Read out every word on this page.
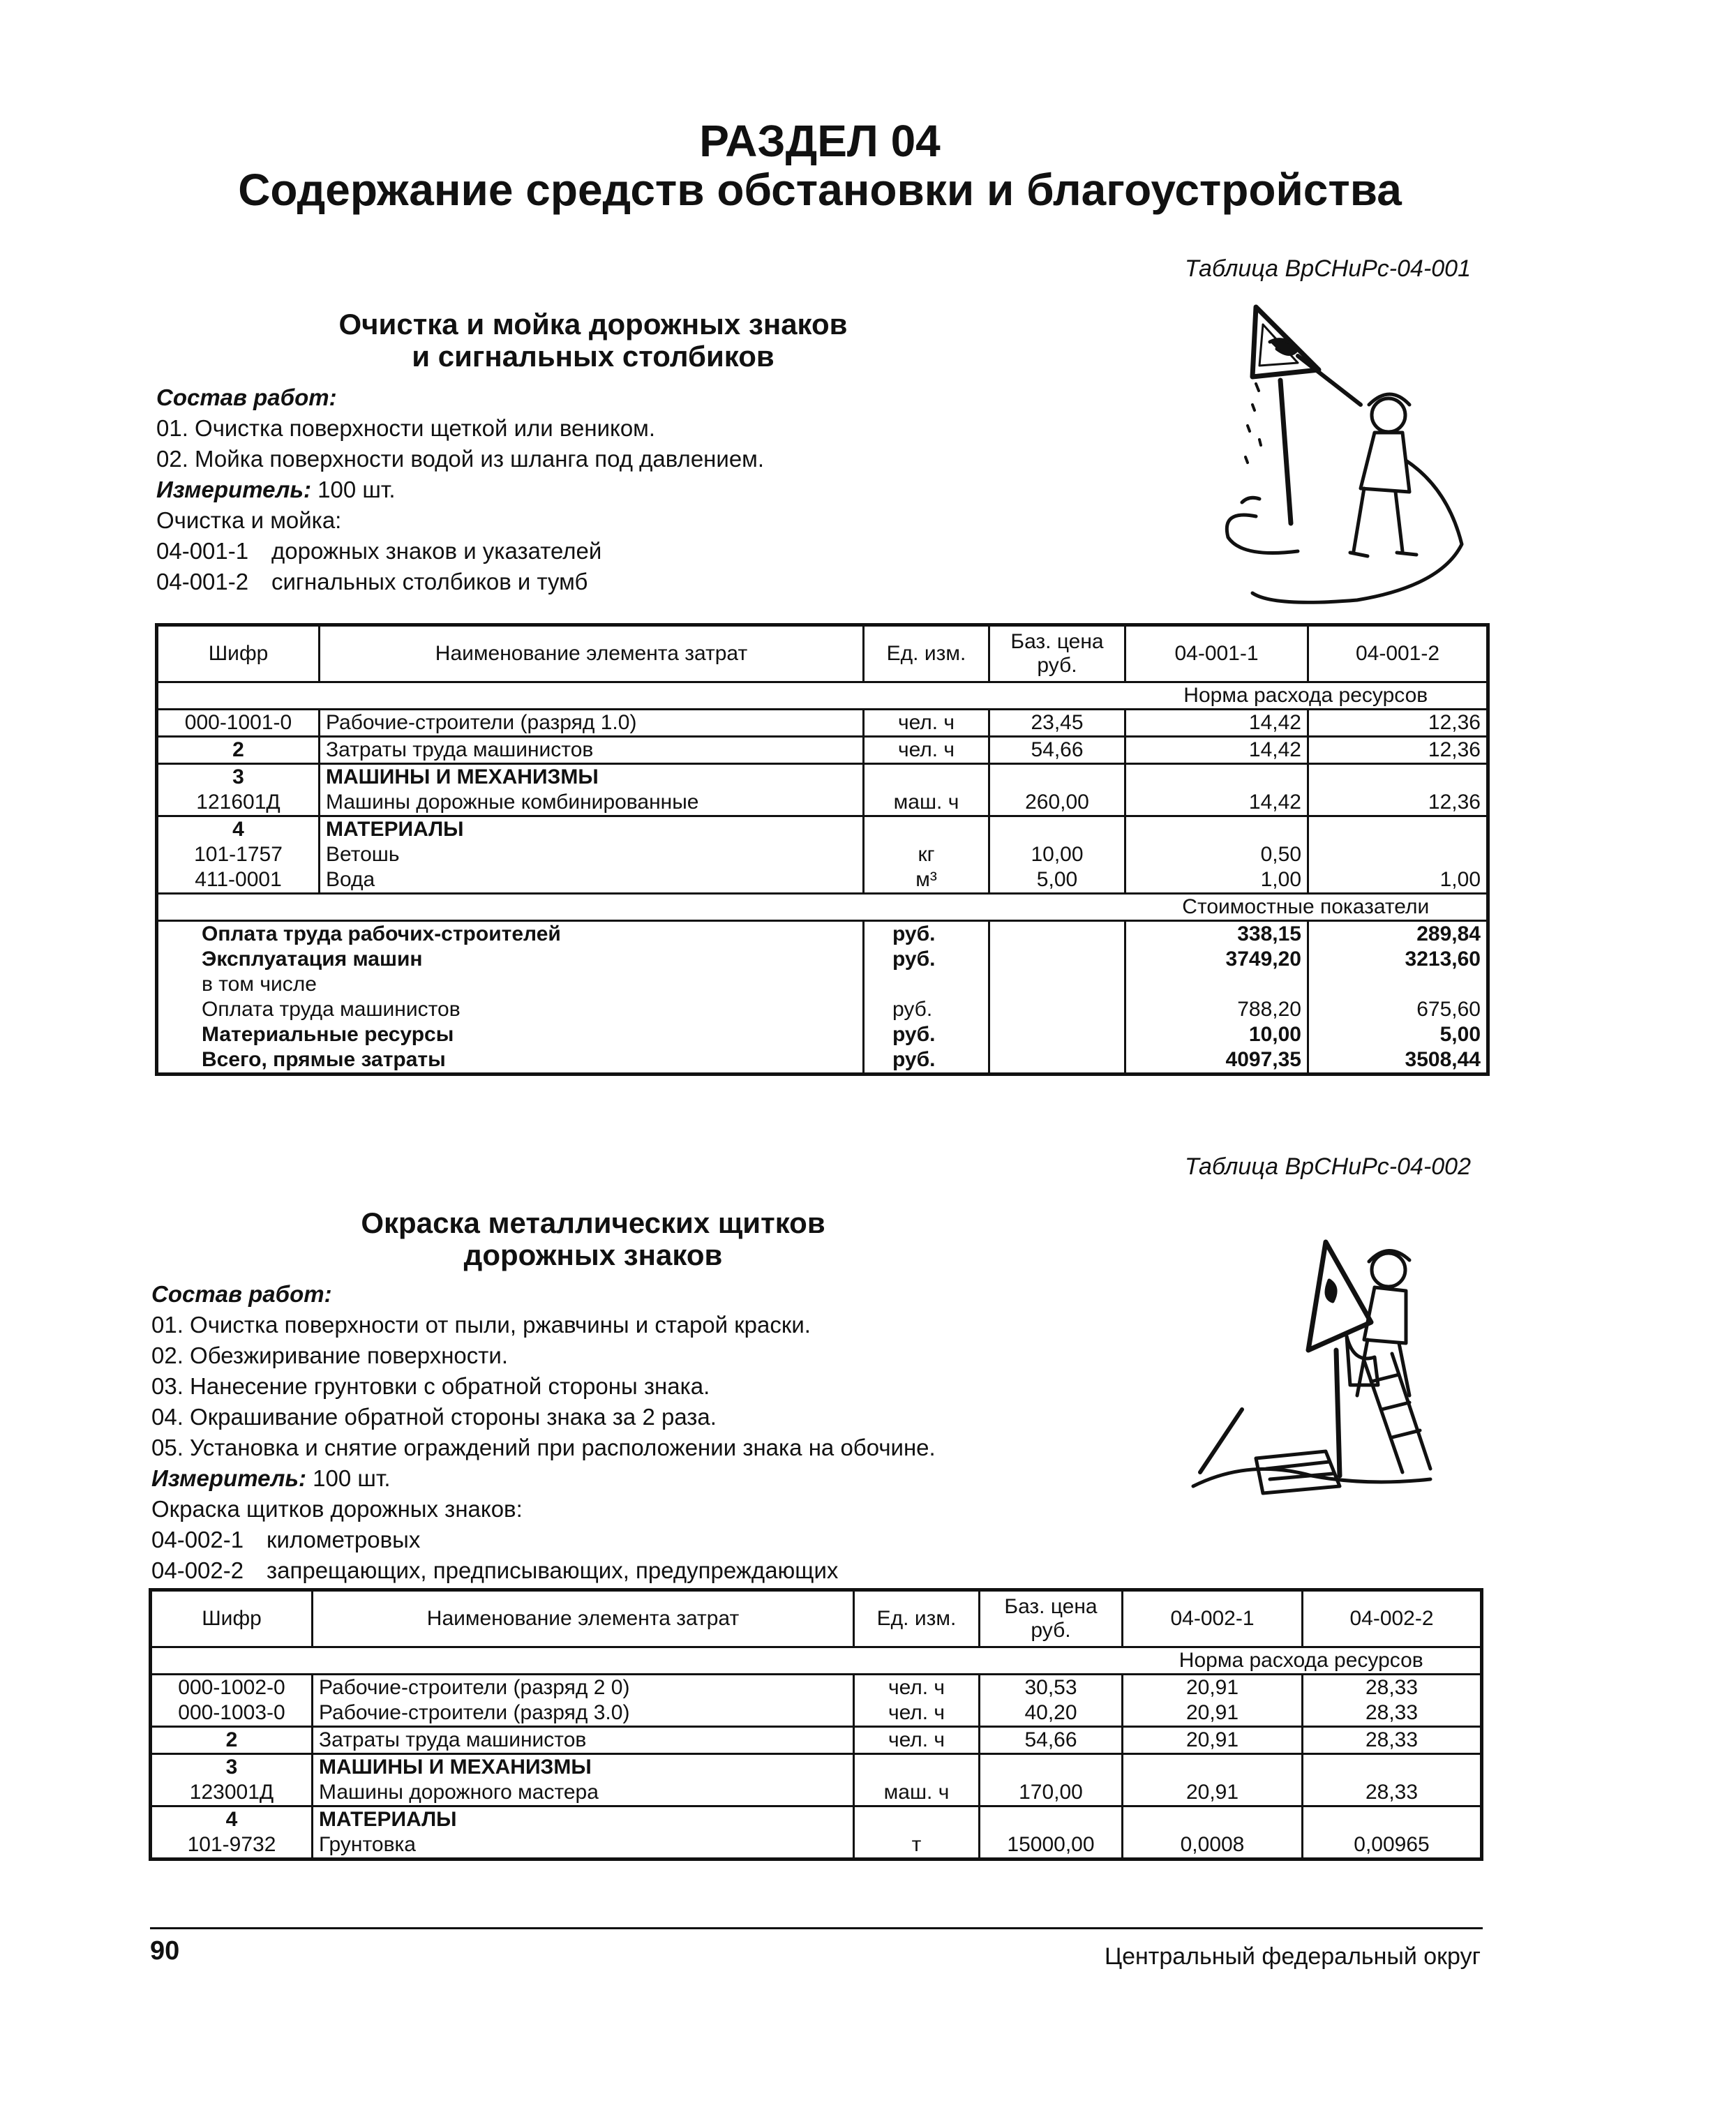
РАЗДЕЛ 04
Содержание средств обстановки и благоустройства
Таблица ВрСНиРс-04-001
Очистка и мойка дорожных знаков
и сигнальных столбиков
Состав работ:
01. Очистка поверхности щеткой или веником.
02. Мойка поверхности водой из шланга под давлением.
Измеритель: 100 шт.
Очистка и мойка:
04-001-1 дорожных знаков и указателей
04-001-2 сигнальных столбиков и тумб
Шифр	Наименование элемента затрат	Ед. изм.	Баз. цена руб.	04-001-1	04-001-2
				Норма расхода ресурсов	
000-1001-0	Рабочие-строители (разряд 1.0)	чел. ч	23,45	14,42	12,36
2	Затраты труда машинистов	чел. ч	54,66	14,42	12,36
3	МАШИНЫ И МЕХАНИЗМЫ				
121601Д	Машины дорожные комбинированные	маш. ч	260,00	14,42	12,36
4	МАТЕРИАЛЫ				
101-1757	Ветошь	кг	10,00	0,50	
411-0001	Вода	м³	5,00	1,00	1,00
				Стоимостные показатели	
Оплата труда рабочих-строителей		руб.		338,15	289,84
Эксплуатация машин		руб.		3749,20	3213,60
в том числе					
Оплата труда машинистов		руб.		788,20	675,60
Материальные ресурсы		руб.		10,00	5,00
Всего, прямые затраты		руб.		4097,35	3508,44
Таблица ВрСНиРс-04-002
Окраска металлических щитков
дорожных знаков
Состав работ:
01. Очистка поверхности от пыли, ржавчины и старой краски.
02. Обезжиривание поверхности.
03. Нанесение грунтовки с обратной стороны знака.
04. Окрашивание обратной стороны знака за 2 раза.
05. Установка и снятие ограждений при расположении знака на обочине.
Измеритель: 100 шт.
Окраска щитков дорожных знаков:
04-002-1 километровых
04-002-2 запрещающих, предписывающих, предупреждающих
Шифр	Наименование элемента затрат	Ед. изм.	Баз. цена руб.	04-002-1	04-002-2
				Норма расхода ресурсов	
000-1002-0	Рабочие-строители (разряд 2 0)	чел. ч	30,53	20,91	28,33
000-1003-0	Рабочие-строители (разряд 3.0)	чел. ч	40,20	20,91	28,33
2	Затраты труда машинистов	чел. ч	54,66	20,91	28,33
3	МАШИНЫ И МЕХАНИЗМЫ				
123001Д	Машины дорожного мастера	маш. ч	170,00	20,91	28,33
4	МАТЕРИАЛЫ				
101-9732	Грунтовка	т	15000,00	0,0008	0,00965
90	Центральный федеральный округ
